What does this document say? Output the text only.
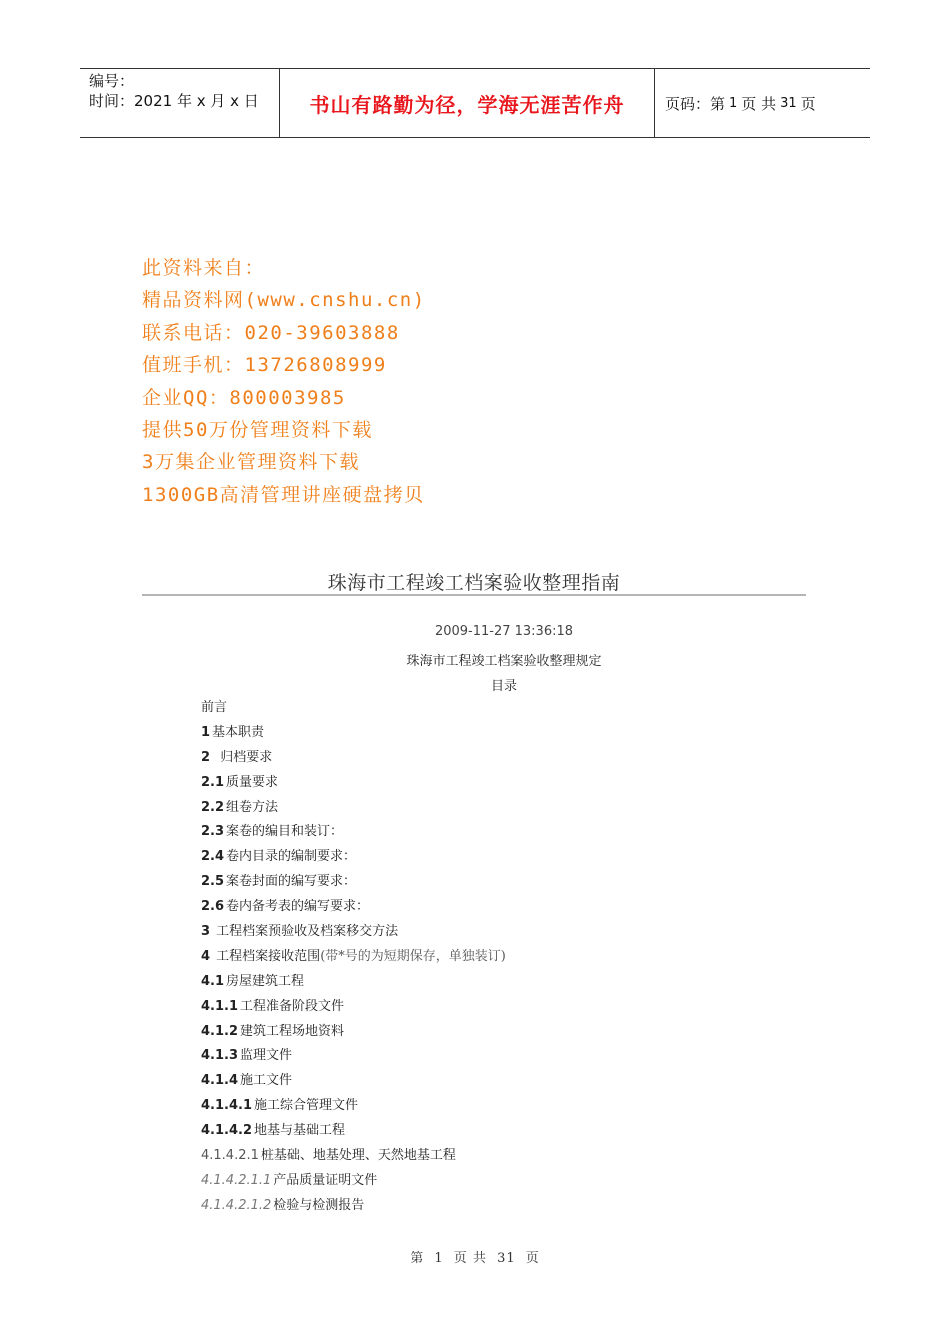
编号：
时间：2021 年 x 月 x 日	书山有路勤为径，学海无涯苦作舟	页码：第 1 页 共 31 页
此资料来自：
精品资料网(www.cnshu.cn)
联系电话：020-39603888
值班手机：13726808999
企业QQ：800003985
提供50万份管理资料下载
3万集企业管理资料下载
1300GB高清管理讲座硬盘拷贝
珠海市工程竣工档案验收整理指南
2009-11-27 13:36:18
珠海市工程竣工档案验收整理规定
目录
前言
1 基本职责
2  归档要求
2.1 质量要求
2.2 组卷方法
2.3 案卷的编目和装订：
2.4 卷内目录的编制要求：
2.5 案卷封面的编写要求：
2.6 卷内备考表的编写要求：
3 工程档案预验收及档案移交方法
4 工程档案接收范围(带*号的为短期保存，单独装订)
4.1 房屋建筑工程
4.1.1 工程准备阶段文件
4.1.2 建筑工程场地资料
4.1.3 监理文件
4.1.4 施工文件
4.1.4.1 施工综合管理文件
4.1.4.2 地基与基础工程
4.1.4.2.1 桩基础、地基处理、天然地基工程
4.1.4.2.1.1 产品质量证明文件
4.1.4.2.1.2 检验与检测报告
第 1 页 共 31 页
